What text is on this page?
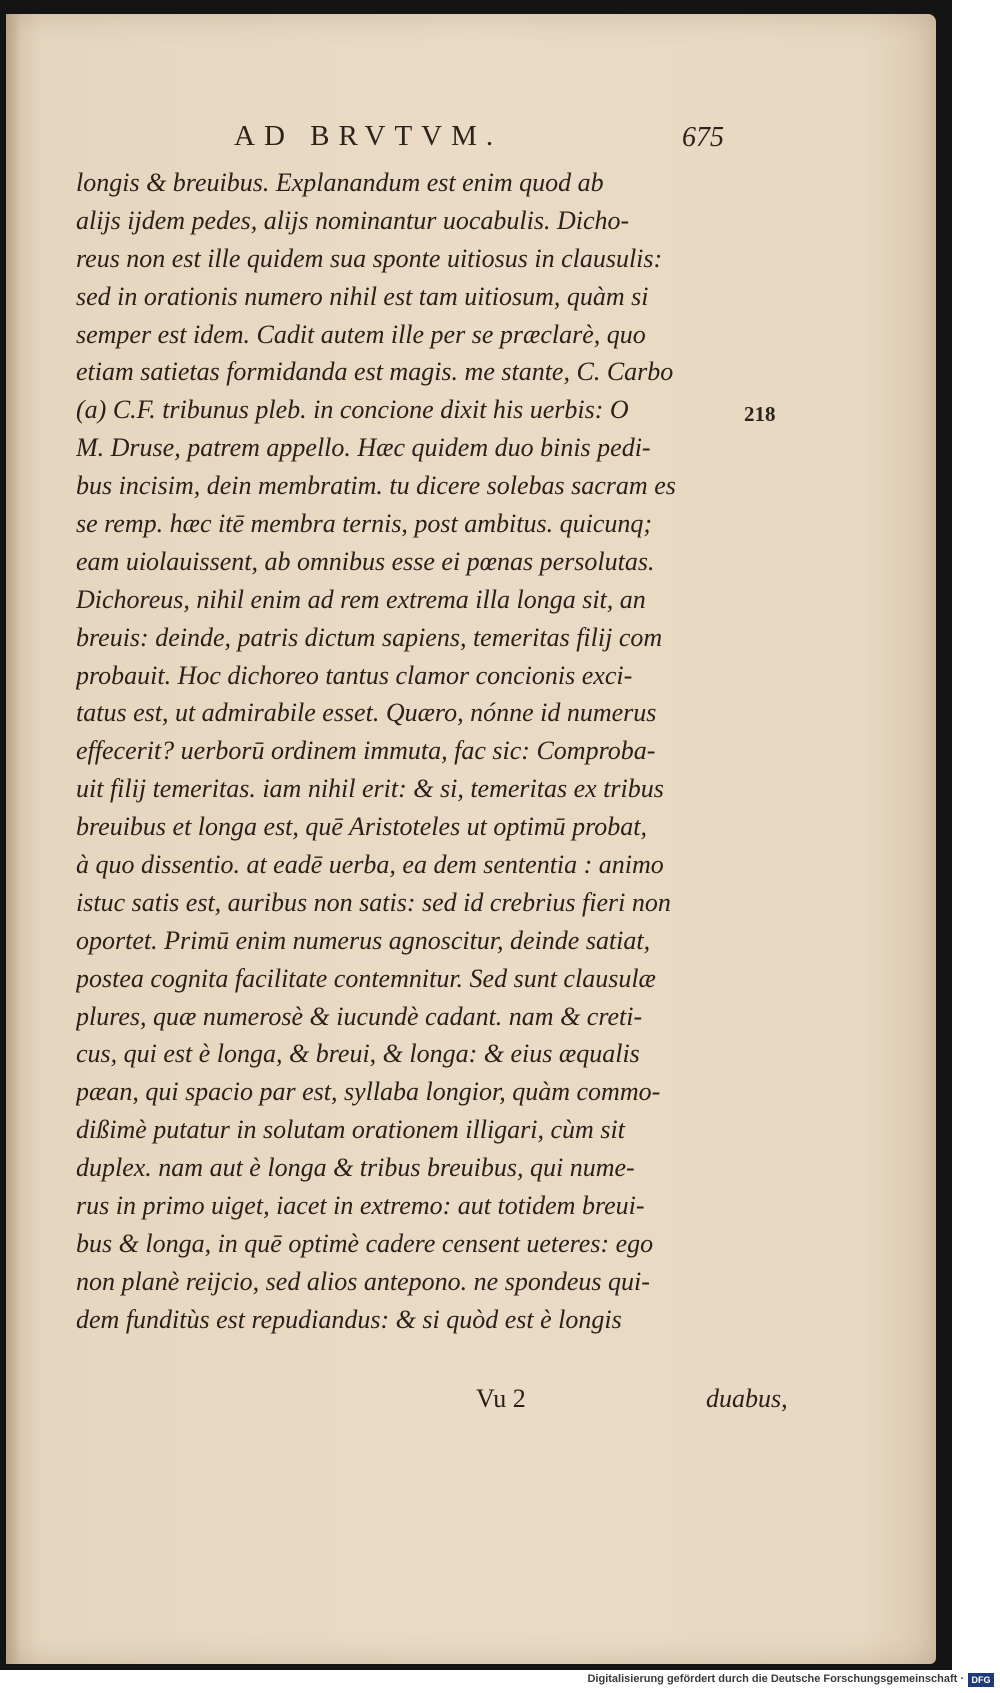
AD BRVTVM.	675
218
longis & breuibus. Explanandum est enim quod ab
alijs ijdem pedes, alijs nominantur uocabulis. Dicho-
reus non est ille quidem sua sponte uitiosus in clausulis:
sed in orationis numero nihil est tam uitiosum, quàm si
semper est idem. Cadit autem ille per se præclarè, quo
etiam satietas formidanda est magis. me stante, C. Carbo
(a) C.F. tribunus pleb. in concione dixit his uerbis: O
M. Druse, patrem appello. Hæc quidem duo binis pedi-
bus incisim, dein membratim. tu dicere solebas sacram es
se remp. hæc itē membra ternis, post ambitus. quicunq;
eam uiolauissent, ab omnibus esse ei pœnas persolutas.
Dichoreus, nihil enim ad rem extrema illa longa sit, an
breuis: deinde, patris dictum sapiens, temeritas filij com
probauit. Hoc dichoreo tantus clamor concionis exci-
tatus est, ut admirabile esset. Quæro, nónne id numerus
effecerit? uerborū ordinem immuta, fac sic: Comproba-
uit filij temeritas. iam nihil erit: & si, temeritas ex tribus
breuibus et longa est, quē Aristoteles ut optimū probat,
à quo dissentio. at eadē uerba, ea dem sententia : animo
istuc satis est, auribus non satis: sed id crebrius fieri non
oportet. Primū enim numerus agnoscitur, deinde satiat,
postea cognita facilitate contemnitur. Sed sunt clausulæ
plures, quæ numerosè & iucundè cadant. nam & creti-
cus, qui est è longa, & breui, & longa: & eius æqualis
pæan, qui spacio par est, syllaba longior, quàm commo-
dißimè putatur in solutam orationem illigari, cùm sit
duplex. nam aut è longa & tribus breuibus, qui nume-
rus in primo uiget, iacet in extremo: aut totidem breui-
bus & longa, in quē optimè cadere censent ueteres: ego
non planè reijcio, sed alios antepono. ne spondeus qui-
dem funditùs est repudiandus: & si quòd est è longis
Vu 2	duabus,
Digitalisierung gefördert durch die Deutsche Forschungsgemeinschaft · DFG
